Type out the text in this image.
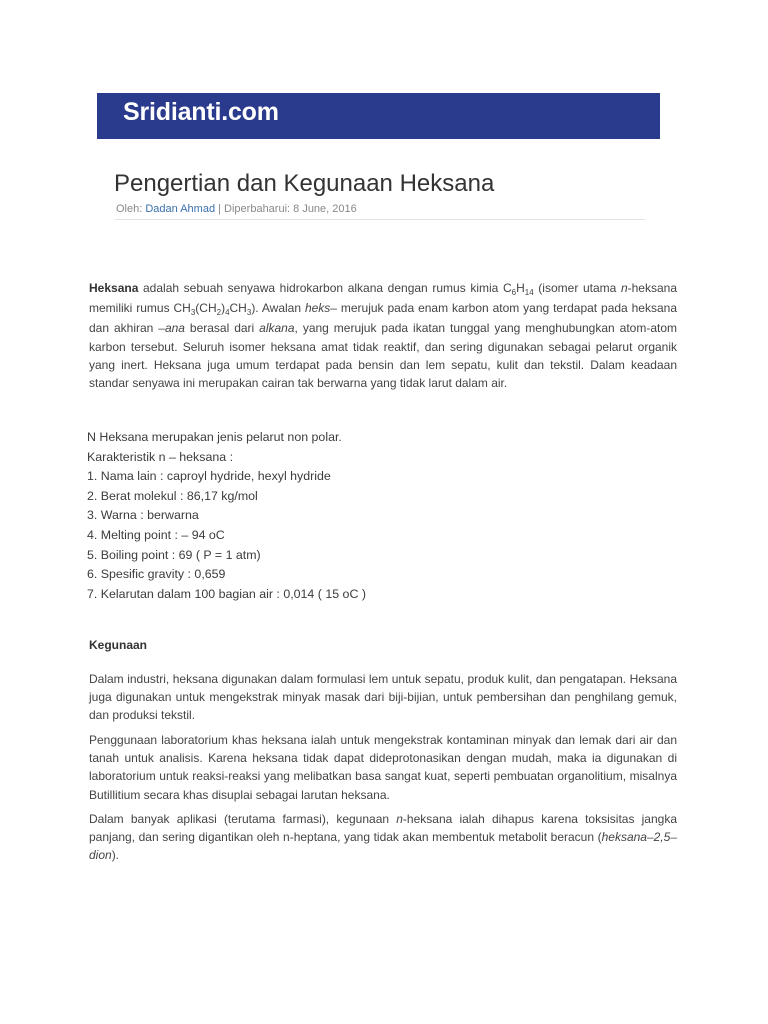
Sridianti.com
Pengertian dan Kegunaan Heksana
Oleh: Dadan Ahmad | Diperbaharui: 8 June, 2016

Heksana adalah sebuah senyawa hidrokarbon alkana dengan rumus kimia $C_6H_{14}$ (isomer utama n-heksana memiliki rumus $CH_3(CH_2)_4CH_3$). Awalan heks– merujuk pada enam karbon atom yang terdapat pada heksana dan akhiran –ana berasal dari alkana, yang merujuk pada ikatan tunggal yang menghubungkan atom-atom karbon tersebut. Seluruh isomer heksana amat tidak reaktif, dan sering digunakan sebagai pelarut organik yang inert. Heksana juga umum terdapat pada bensin dan lem sepatu, kulit dan tekstil. Dalam keadaan standar senyawa ini merupakan cairan tak berwarna yang tidak larut dalam air.

N Heksana merupakan jenis pelarut non polar.
Karakteristik n – heksana :
1. Nama lain : caproyl hydride, hexyl hydride
2. Berat molekul : 86,17 kg/mol
3. Warna : berwarna
4. Melting point : – 94 oC
5. Boiling point : 69 ( P = 1 atm)
6. Spesific gravity : 0,659
7. Kelarutan dalam 100 bagian air : 0,014 ( 15 oC )
Kegunaan

Dalam industri, heksana digunakan dalam formulasi lem untuk sepatu, produk kulit, dan pengatapan. Heksana juga digunakan untuk mengekstrak minyak masak dari biji-bijian, untuk pembersihan dan penghilang gemuk, dan produksi tekstil.

Penggunaan laboratorium khas heksana ialah untuk mengekstrak kontaminan minyak dan lemak dari air dan tanah untuk analisis. Karena heksana tidak dapat dideprotonasikan dengan mudah, maka ia digunakan di laboratorium untuk reaksi-reaksi yang melibatkan basa sangat kuat, seperti pembuatan organolitium, misalnya Butillitium secara khas disuplai sebagai larutan heksana.

Dalam banyak aplikasi (terutama farmasi), kegunaan n-heksana ialah dihapus karena toksisitas jangka panjang, dan sering digantikan oleh n-heptana, yang tidak akan membentuk metabolit beracun (heksana–2,5–dion).
